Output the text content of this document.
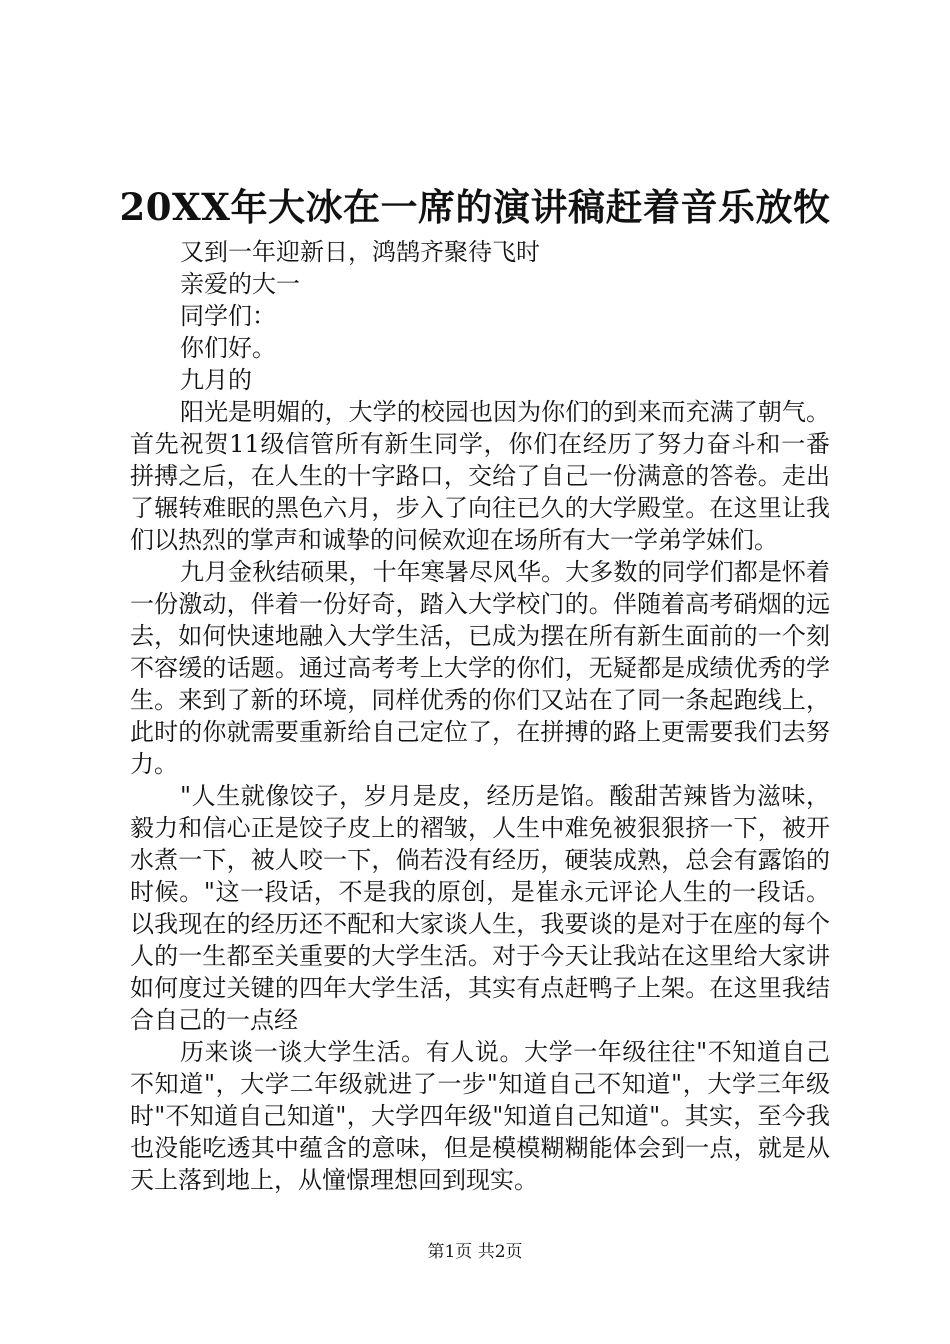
20XX年大冰在一席的演讲稿赶着音乐放牧
又到一年迎新日，鸿鹄齐聚待飞时
亲爱的大一
同学们：
你们好。
九月的

阳光是明媚的，大学的校园也因为你们的到来而充满了朝气。首先祝贺11级信管所有新生同学，你们在经历了努力奋斗和一番拼搏之后，在人生的十字路口，交给了自己一份满意的答卷。走出了辗转难眠的黑色六月，步入了向往已久的大学殿堂。在这里让我们以热烈的掌声和诚挚的问候欢迎在场所有大一学弟学妹们。

九月金秋结硕果，十年寒暑尽风华。大多数的同学们都是怀着一份激动，伴着一份好奇，踏入大学校门的。伴随着高考硝烟的远去，如何快速地融入大学生活，已成为摆在所有新生面前的一个刻不容缓的话题。通过高考考上大学的你们，无疑都是成绩优秀的学生。来到了新的环境，同样优秀的你们又站在了同一条起跑线上，此时的你就需要重新给自己定位了，在拼搏的路上更需要我们去努力。

"人生就像饺子，岁月是皮，经历是馅。酸甜苦辣皆为滋味，毅力和信心正是饺子皮上的褶皱，人生中难免被狠狠挤一下，被开水煮一下，被人咬一下，倘若没有经历，硬装成熟，总会有露馅的时候。"这一段话，不是我的原创，是崔永元评论人生的一段话。以我现在的经历还不配和大家谈人生，我要谈的是对于在座的每个人的一生都至关重要的大学生活。对于今天让我站在这里给大家讲如何度过关键的四年大学生活，其实有点赶鸭子上架。在这里我结合自己的一点经

历来谈一谈大学生活。有人说。大学一年级往往"不知道自己不知道"，大学二年级就进了一步"知道自己不知道"，大学三年级时"不知道自己知道"，大学四年级"知道自己知道"。其实，至今我也没能吃透其中蕴含的意味，但是模模糊糊能体会到一点，就是从天上落到地上，从憧憬理想回到现实。

第1页 共2页
